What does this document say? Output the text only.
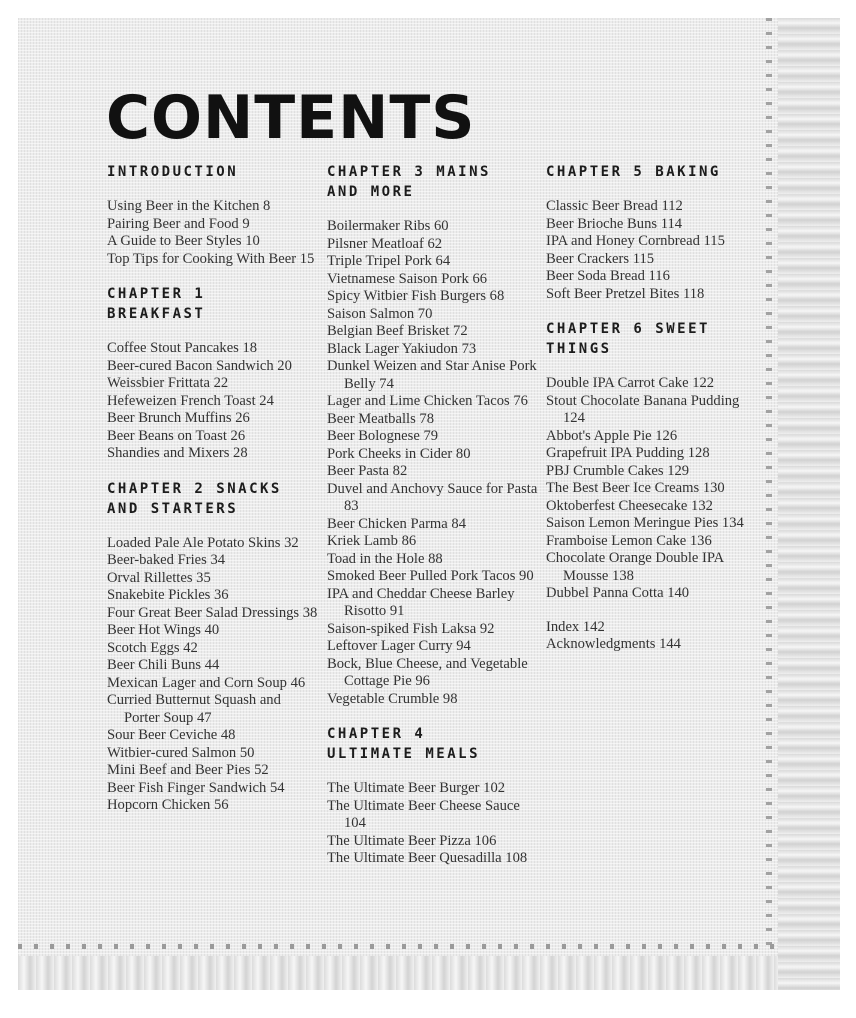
CONTENTS
INTRODUCTION
Using Beer in the Kitchen 8
Pairing Beer and Food 9
A Guide to Beer Styles 10
Top Tips for Cooking With Beer 15
CHAPTER 1 BREAKFAST
Coffee Stout Pancakes 18
Beer-cured Bacon Sandwich 20
Weissbier Frittata 22
Hefeweizen French Toast 24
Beer Brunch Muffins 26
Beer Beans on Toast 26
Shandies and Mixers 28
CHAPTER 2 SNACKS AND STARTERS
Loaded Pale Ale Potato Skins 32
Beer-baked Fries 34
Orval Rillettes 35
Snakebite Pickles 36
Four Great Beer Salad Dressings 38
Beer Hot Wings 40
Scotch Eggs 42
Beer Chili Buns 44
Mexican Lager and Corn Soup 46
Curried Butternut Squash and Porter Soup 47
Sour Beer Ceviche 48
Witbier-cured Salmon 50
Mini Beef and Beer Pies 52
Beer Fish Finger Sandwich 54
Hopcorn Chicken 56
CHAPTER 3 MAINS AND MORE
Boilermaker Ribs 60
Pilsner Meatloaf 62
Triple Tripel Pork 64
Vietnamese Saison Pork 66
Spicy Witbier Fish Burgers 68
Saison Salmon 70
Belgian Beef Brisket 72
Black Lager Yakiudon 73
Dunkel Weizen and Star Anise Pork Belly 74
Lager and Lime Chicken Tacos 76
Beer Meatballs 78
Beer Bolognese 79
Pork Cheeks in Cider 80
Beer Pasta 82
Duvel and Anchovy Sauce for Pasta 83
Beer Chicken Parma 84
Kriek Lamb 86
Toad in the Hole 88
Smoked Beer Pulled Pork Tacos 90
IPA and Cheddar Cheese Barley Risotto 91
Saison-spiked Fish Laksa 92
Leftover Lager Curry 94
Bock, Blue Cheese, and Vegetable Cottage Pie 96
Vegetable Crumble 98
CHAPTER 4 ULTIMATE MEALS
The Ultimate Beer Burger 102
The Ultimate Beer Cheese Sauce 104
The Ultimate Beer Pizza 106
The Ultimate Beer Quesadilla 108
CHAPTER 5 BAKING
Classic Beer Bread 112
Beer Brioche Buns 114
IPA and Honey Cornbread 115
Beer Crackers 115
Beer Soda Bread 116
Soft Beer Pretzel Bites 118
CHAPTER 6 SWEET THINGS
Double IPA Carrot Cake 122
Stout Chocolate Banana Pudding 124
Abbot's Apple Pie 126
Grapefruit IPA Pudding 128
PBJ Crumble Cakes 129
The Best Beer Ice Creams 130
Oktoberfest Cheesecake 132
Saison Lemon Meringue Pies 134
Framboise Lemon Cake 136
Chocolate Orange Double IPA Mousse 138
Dubbel Panna Cotta 140
Index 142
Acknowledgments 144
